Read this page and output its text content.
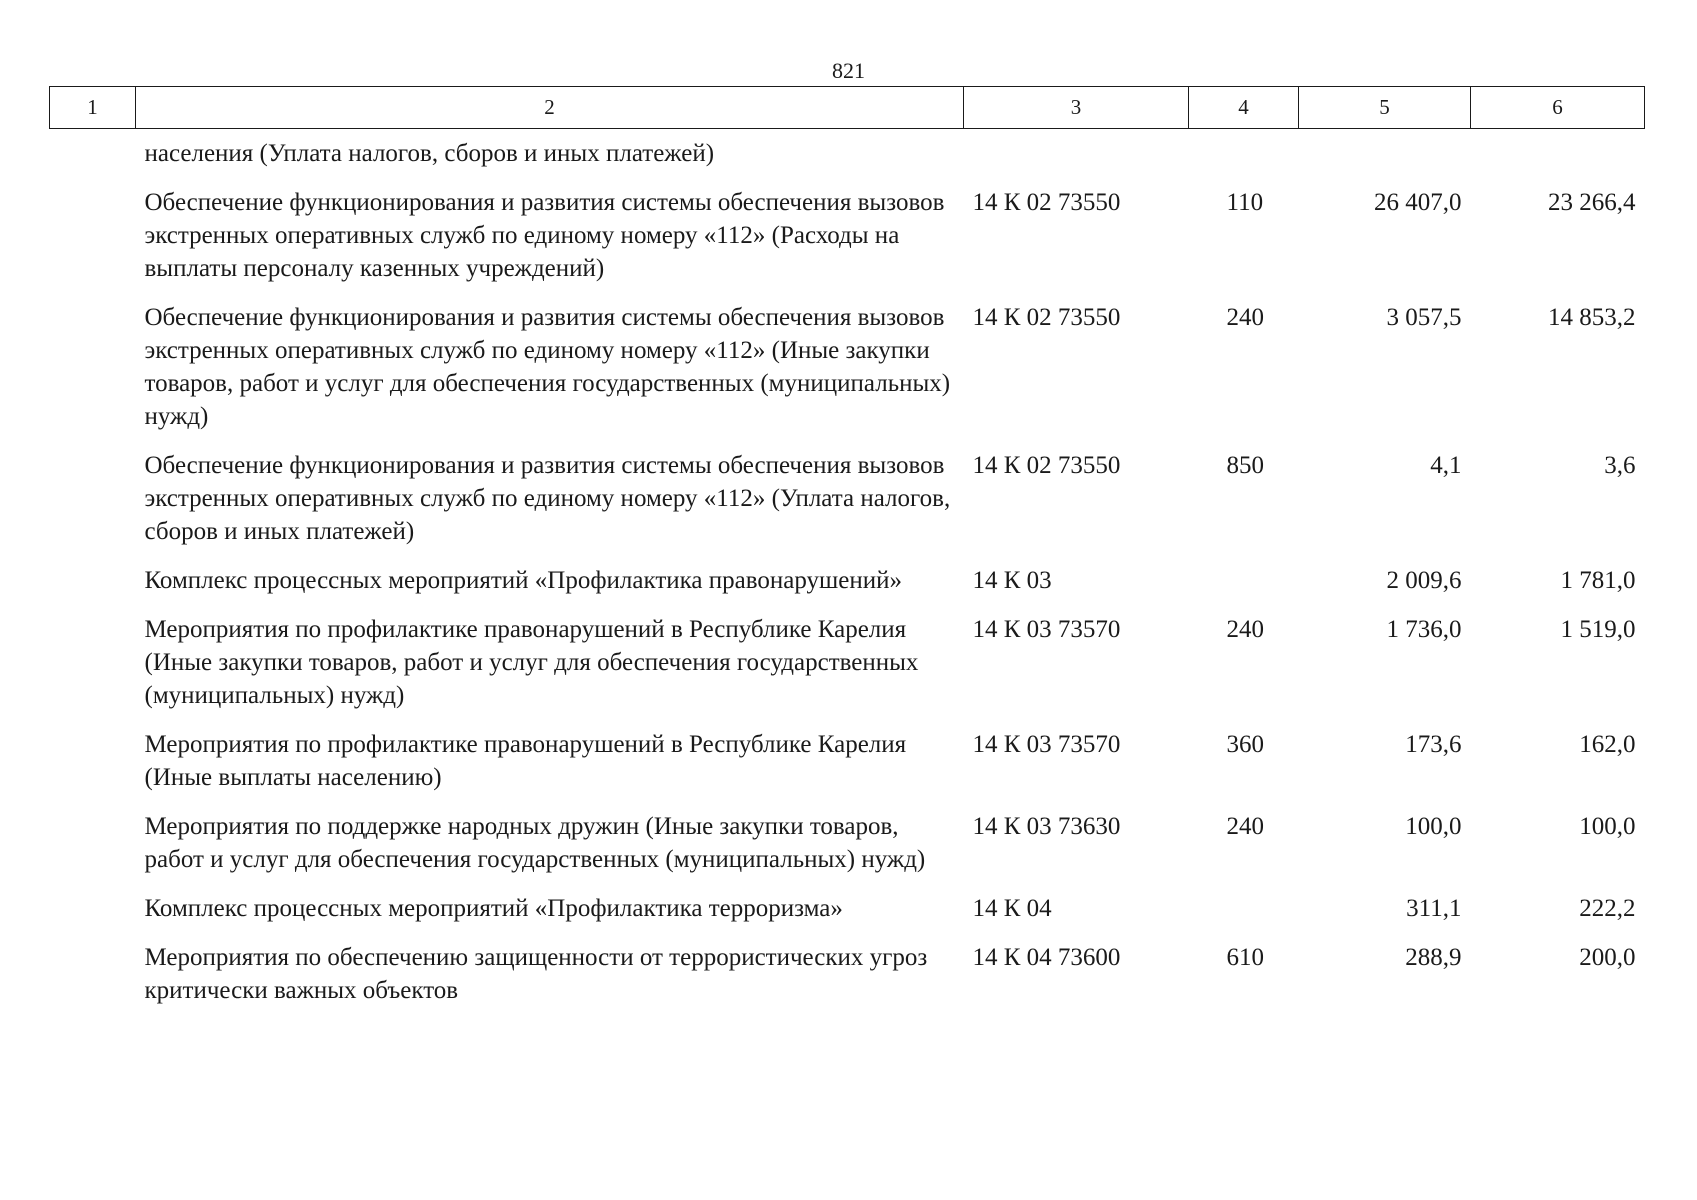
821
1	2	3	4	5	6
	населения (Уплата налогов, сборов и иных платежей)				
	Обеспечение функционирования и развития системы обеспечения вызовов экстренных оперативных служб по единому номеру «112» (Расходы на выплаты персоналу казенных учреждений)	14 К 02 73550	110	26 407,0	23 266,4
	Обеспечение функционирования и развития системы обеспечения вызовов экстренных оперативных служб по единому номеру «112» (Иные закупки товаров, работ и услуг для обеспечения государственных (муниципальных) нужд)	14 К 02 73550	240	3 057,5	14 853,2
	Обеспечение функционирования и развития системы обеспечения вызовов экстренных оперативных служб по единому номеру «112» (Уплата налогов, сборов и иных платежей)	14 К 02 73550	850	4,1	3,6
	Комплекс процессных мероприятий «Профилактика правонарушений»	14 К 03		2 009,6	1 781,0
	Мероприятия по профилактике правонарушений в Республике Карелия (Иные закупки товаров, работ и услуг для обеспечения государственных (муниципальных) нужд)	14 К 03 73570	240	1 736,0	1 519,0
	Мероприятия по профилактике правонарушений в Республике Карелия (Иные выплаты населению)	14 К 03 73570	360	173,6	162,0
	Мероприятия по поддержке народных дружин (Иные закупки товаров, работ и услуг для обеспечения государственных (муниципальных) нужд)	14 К 03 73630	240	100,0	100,0
	Комплекс процессных мероприятий «Профилактика терроризма»	14 К 04		311,1	222,2
	Мероприятия по обеспечению защищенности от террористических угроз критически важных объектов	14 К 04 73600	610	288,9	200,0
